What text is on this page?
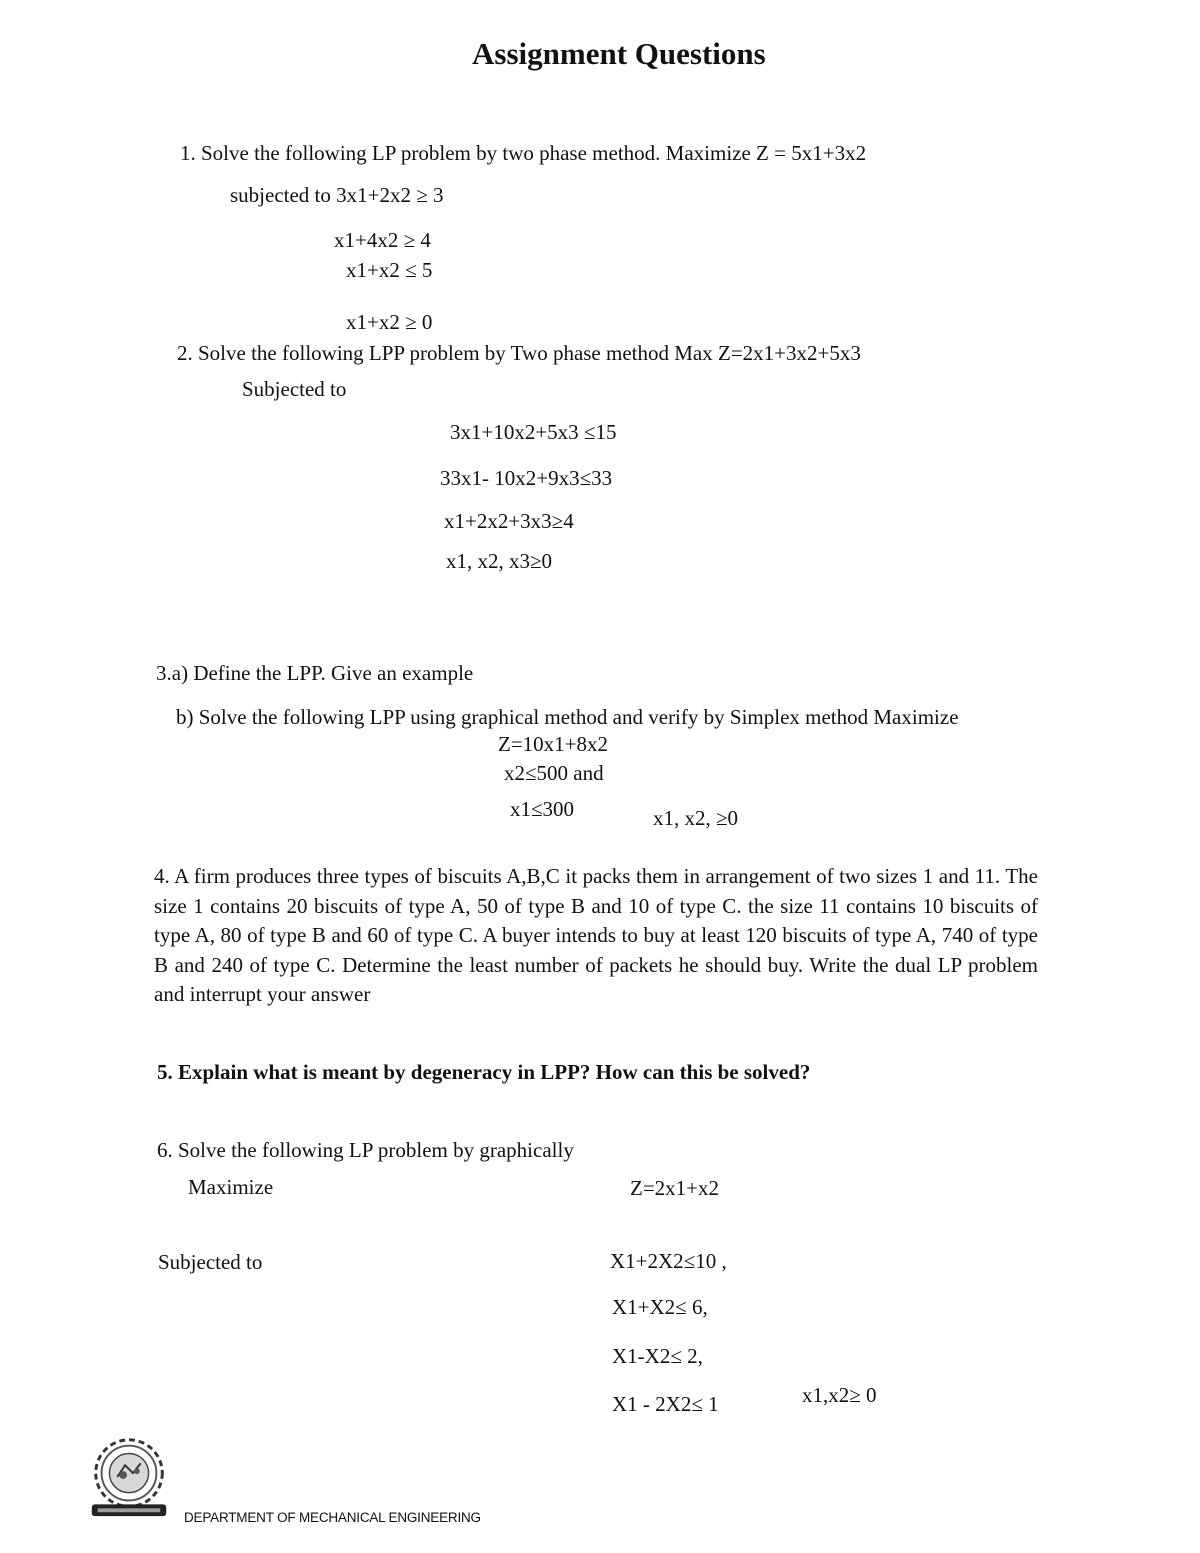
Assignment Questions
1. Solve the following LP problem by two phase method. Maximize Z = 5x1+3x2
subjected to 3x1+2x2 ≥ 3
x1+4x2 ≥ 4
x1+x2 ≤ 5
x1+x2 ≥ 0
2. Solve the following LPP problem by Two phase method Max Z=2x1+3x2+5x3
Subjected to
3x1+10x2+5x3 ≤15
33x1- 10x2+9x3≤33
x1+2x2+3x3≥4
x1, x2, x3≥0
3.a) Define the LPP. Give an example
b) Solve the following LPP using graphical method and verify by Simplex method Maximize
Z=10x1+8x2
x2≤500 and
x1≤300	x1, x2, ≥0
4. A firm produces three types of biscuits A,B,C it packs them in arrangement of two sizes 1 and 11. The size 1 contains 20 biscuits of type A, 50 of type B and 10 of type C. the size 11 contains 10 biscuits of type A, 80 of type B and 60 of type C. A buyer intends to buy at least 120 biscuits of type A, 740 of type B and 240 of type C. Determine the least number of packets he should buy. Write the dual LP problem and interrupt your answer
5. Explain what is meant by degeneracy in LPP? How can this be solved?
6. Solve the following LP problem by graphically
Maximize	Z=2x1+x2
Subjected to	X1+2X2≤10 ,
X1+X2≤ 6,
X1-X2≤ 2,
X1 - 2X2≤ 1	x1,x2≥ 0
DEPARTMENT OF MECHANICAL ENGINEERING
